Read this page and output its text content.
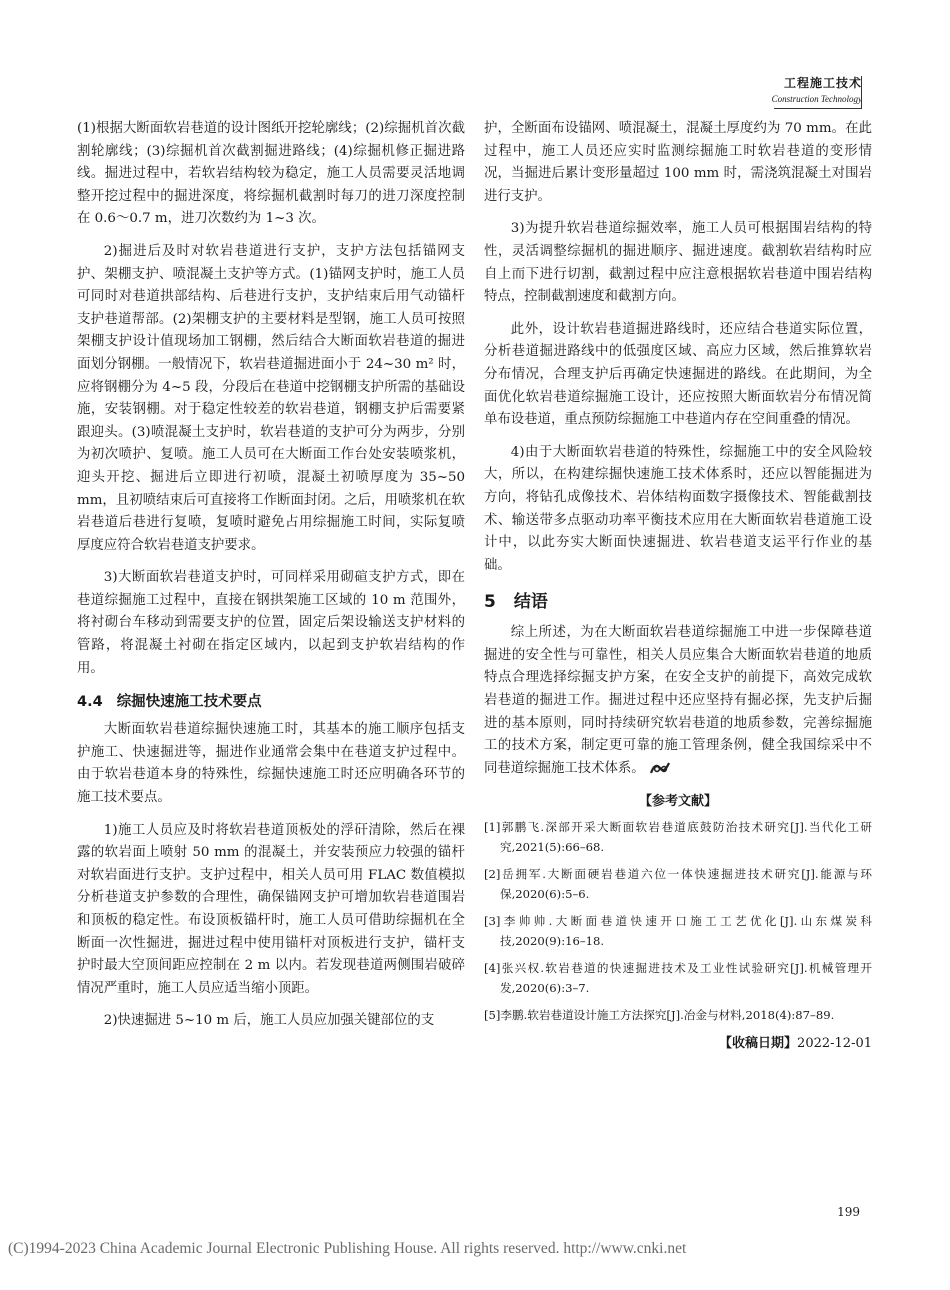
工程施工技术
Construction Technology

(1)根据大断面软岩巷道的设计图纸开挖轮廓线；(2)综掘机首次截割轮廓线；(3)综掘机首次截割掘进路线；(4)综掘机修正掘进路线。掘进过程中，若软岩结构较为稳定，施工人员需要灵活地调整开挖过程中的掘进深度，将综掘机截割时每刀的进刀深度控制在 0.6～0.7 m，进刀次数约为 1~3 次。

2)掘进后及时对软岩巷道进行支护，支护方法包括锚网支护、架棚支护、喷混凝土支护等方式。(1)锚网支护时，施工人员可同时对巷道拱部结构、后巷进行支护，支护结束后用气动锚杆支护巷道帮部。(2)架棚支护的主要材料是型钢，施工人员可按照架棚支护设计值现场加工钢棚，然后结合大断面软岩巷道的掘进面划分钢棚。一般情况下，软岩巷道掘进面小于 24~30 m² 时，应将钢棚分为 4~5 段，分段后在巷道中挖钢棚支护所需的基础设施，安装钢棚。对于稳定性较差的软岩巷道，钢棚支护后需要紧跟迎头。(3)喷混凝土支护时，软岩巷道的支护可分为两步，分别为初次喷护、复喷。施工人员可在大断面工作台处安装喷浆机，迎头开挖、掘进后立即进行初喷，混凝土初喷厚度为 35~50 mm，且初喷结束后可直接将工作断面封闭。之后，用喷浆机在软岩巷道后巷进行复喷，复喷时避免占用综掘施工时间，实际复喷厚度应符合软岩巷道支护要求。

3)大断面软岩巷道支护时，可同样采用砌碹支护方式，即在巷道综掘施工过程中，直接在钢拱架施工区域的 10 m 范围外，将衬砌台车移动到需要支护的位置，固定后架设输送支护材料的管路，将混凝土衬砌在指定区域内，以起到支护软岩结构的作用。

4.4 综掘快速施工技术要点

大断面软岩巷道综掘快速施工时，其基本的施工顺序包括支护施工、快速掘进等，掘进作业通常会集中在巷道支护过程中。由于软岩巷道本身的特殊性，综掘快速施工时还应明确各环节的施工技术要点。

1)施工人员应及时将软岩巷道顶板处的浮矸清除，然后在裸露的软岩面上喷射 50 mm 的混凝土，并安装预应力较强的锚杆对软岩面进行支护。支护过程中，相关人员可用 FLAC 数值模拟分析巷道支护参数的合理性，确保锚网支护可增加软岩巷道围岩和顶板的稳定性。布设顶板锚杆时，施工人员可借助综掘机在全断面一次性掘进，掘进过程中使用锚杆对顶板进行支护，锚杆支护时最大空顶间距应控制在 2 m 以内。若发现巷道两侧围岩破碎情况严重时，施工人员应适当缩小顶距。

2)快速掘进 5~10 m 后，施工人员应加强关键部位的支

护，全断面布设锚网、喷混凝土，混凝土厚度约为 70 mm。在此过程中，施工人员还应实时监测综掘施工时软岩巷道的变形情况，当掘进后累计变形量超过 100 mm 时，需浇筑混凝土对围岩进行支护。

3)为提升软岩巷道综掘效率，施工人员可根据围岩结构的特性，灵活调整综掘机的掘进顺序、掘进速度。截割软岩结构时应自上而下进行切割，截割过程中应注意根据软岩巷道中围岩结构特点，控制截割速度和截割方向。

此外，设计软岩巷道掘进路线时，还应结合巷道实际位置，分析巷道掘进路线中的低强度区域、高应力区域，然后推算软岩分布情况，合理支护后再确定快速掘进的路线。在此期间，为全面优化软岩巷道综掘施工设计，还应按照大断面软岩分布情况简单布设巷道，重点预防综掘施工中巷道内存在空间重叠的情况。

4)由于大断面软岩巷道的特殊性，综掘施工中的安全风险较大，所以，在构建综掘快速施工技术体系时，还应以智能掘进为方向，将钻孔成像技术、岩体结构面数字摄像技术、智能截割技术、输送带多点驱动功率平衡技术应用在大断面软岩巷道施工设计中，以此夯实大断面快速掘进、软岩巷道支运平行作业的基础。

5 结语

综上所述，为在大断面软岩巷道综掘施工中进一步保障巷道掘进的安全性与可靠性，相关人员应集合大断面软岩巷道的地质特点合理选择综掘支护方案，在安全支护的前提下，高效完成软岩巷道的掘进工作。掘进过程中还应坚持有掘必探，先支护后掘进的基本原则，同时持续研究软岩巷道的地质参数，完善综掘施工的技术方案，制定更可靠的施工管理条例，健全我国综采中不同巷道综掘施工技术体系。

【参考文献】
[1]郭鹏飞.深部开采大断面软岩巷道底鼓防治技术研究[J].当代化工研究,2021(5):66–68.
[2]岳拥军.大断面硬岩巷道六位一体快速掘进技术研究[J].能源与环保,2020(6):5–6.
[3]李帅帅.大断面巷道快速开口施工工艺优化[J].山东煤炭科技,2020(9):16–18.
[4]张兴权.软岩巷道的快速掘进技术及工业性试验研究[J].机械管理开发,2020(6):3–7.
[5]李鹏.软岩巷道设计施工方法探究[J].冶金与材料,2018(4):87–89.
【收稿日期】2022-12-01
199
(C)1994-2023 China Academic Journal Electronic Publishing House. All rights reserved. http://www.cnki.net
